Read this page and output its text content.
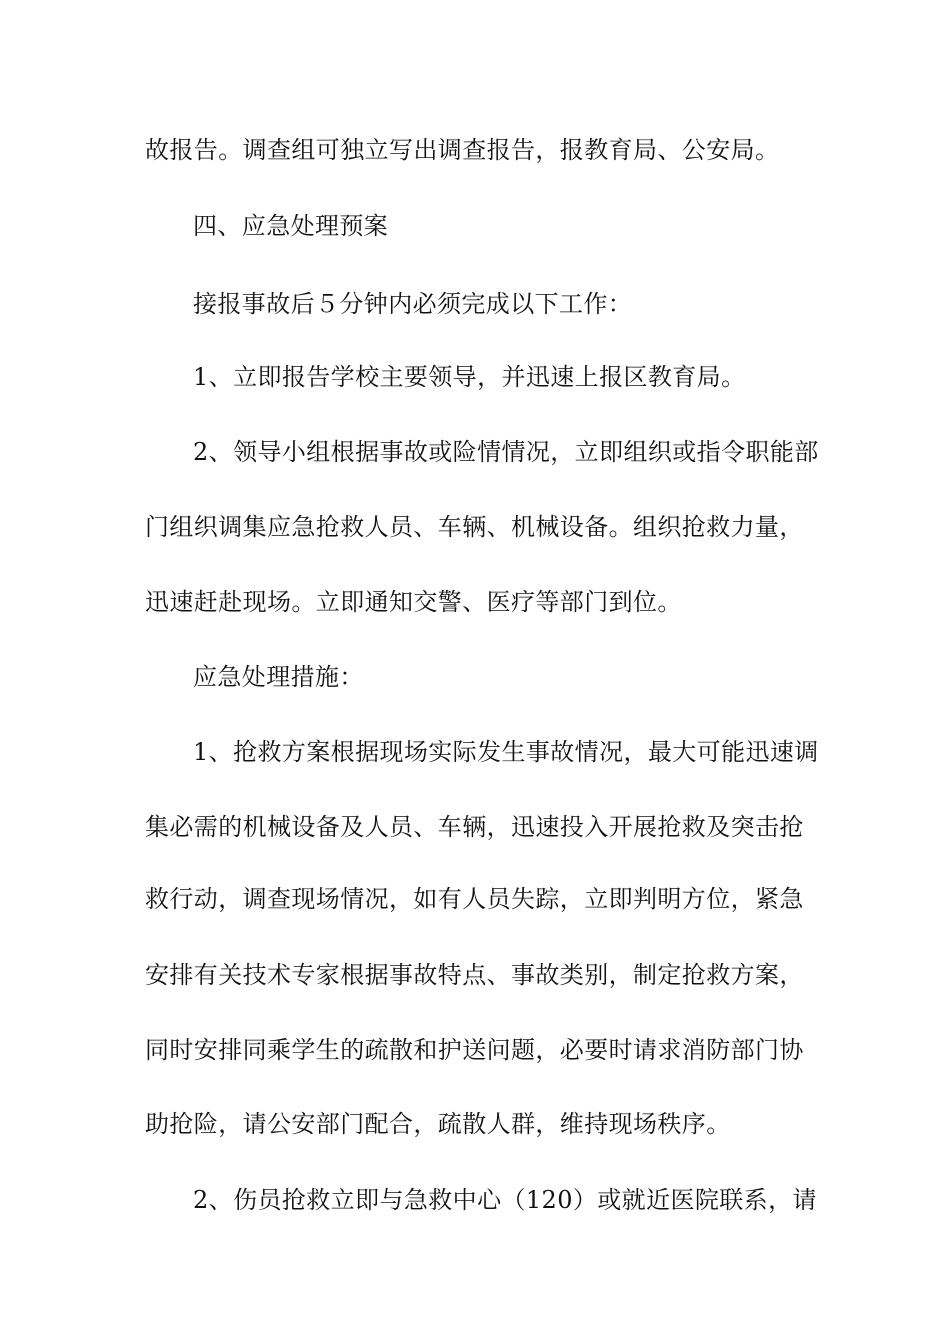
故报告。调查组可独立写出调查报告，报教育局、公安局。
四、应急处理预案
接报事故后５分钟内必须完成以下工作：
1、立即报告学校主要领导，并迅速上报区教育局。
2、领导小组根据事故或险情情况，立即组织或指令职能部
门组织调集应急抢救人员、车辆、机械设备。组织抢救力量，
迅速赶赴现场。立即通知交警、医疗等部门到位。
应急处理措施：
1、抢救方案根据现场实际发生事故情况，最大可能迅速调
集必需的机械设备及人员、车辆，迅速投入开展抢救及突击抢
救行动，调查现场情况，如有人员失踪，立即判明方位，紧急
安排有关技术专家根据事故特点、事故类别，制定抢救方案，
同时安排同乘学生的疏散和护送问题，必要时请求消防部门协
助抢险，请公安部门配合，疏散人群，维持现场秩序。
2、伤员抢救立即与急救中心（120）或就近医院联系，请
